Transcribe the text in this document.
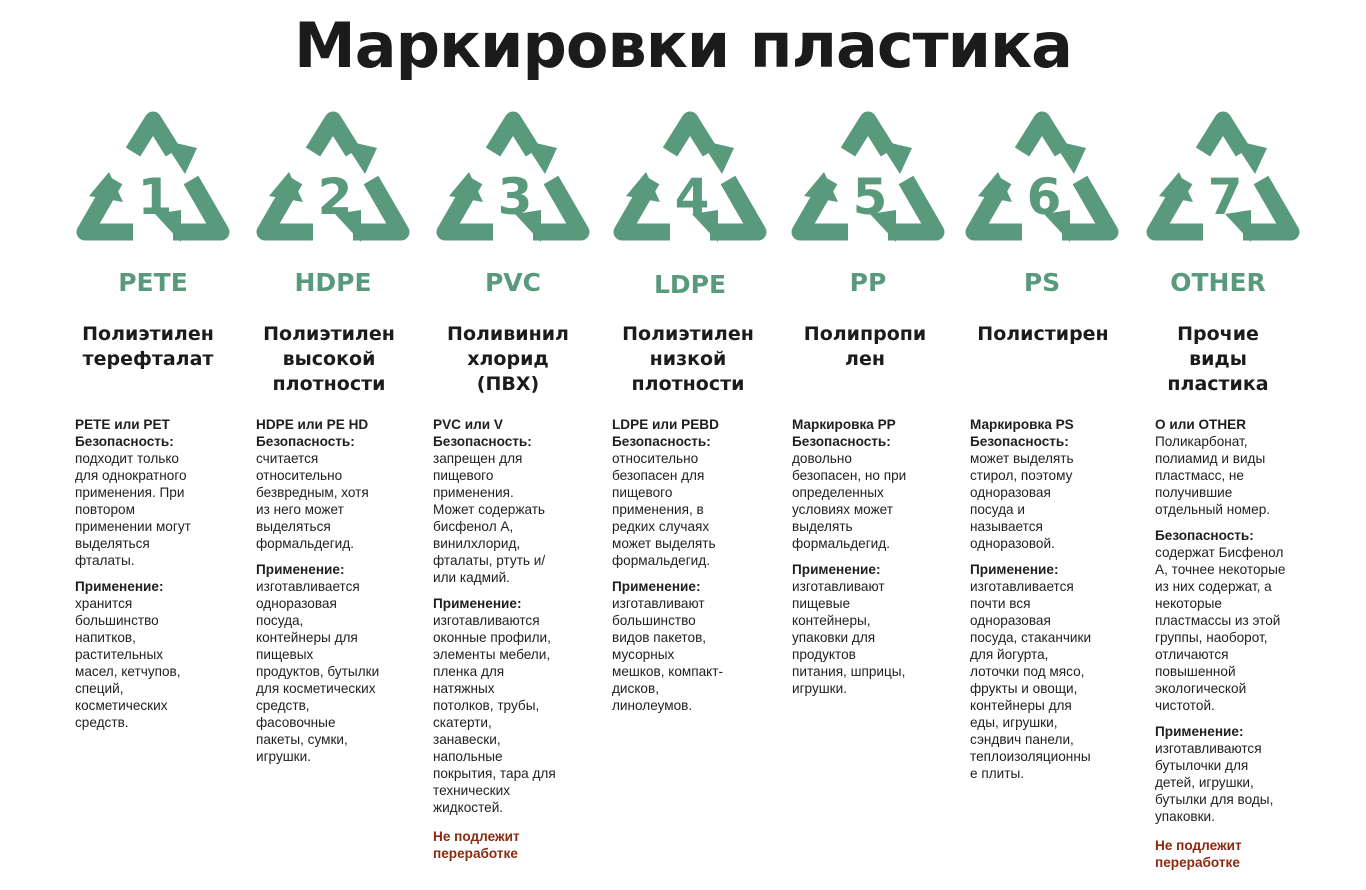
Маркировки пластика
1
PETE
Полиэтилен
терефталат

PETE или PET
Безопасность:
подходит только
для однократного
применения. При
повтором
применении могут
выделяться
фталаты.

Применение:
хранится
большинство
напитков,
растительных
масел, кетчупов,
специй,
косметических
средств.

2
HDPE
Полиэтилен
высокой
плотности

HDPE или PE HD
Безопасность:
считается
относительно
безвредным, хотя
из него может
выделяться
формальдегид.

Применение:
изготавливается
одноразовая
посуда,
контейнеры для
пищевых
продуктов, бутылки
для косметических
средств,
фасовочные
пакеты, сумки,
игрушки.

3
PVC
Поливинил
хлорид
(ПВХ)

PVC или V
Безопасность:
запрещен для
пищевого
применения.
Может содержать
бисфенол А,
винилхлорид,
фталаты, ртуть и/
или кадмий.

Применение:
изготавливаются
оконные профили,
элементы мебели,
пленка для
натяжных
потолков, трубы,
скатерти,
занавески,
напольные
покрытия, тара для
технических
жидкостей.

Не подлежит
переработке
4
LDPE
Полиэтилен
низкой
плотности

LDPE или PEBD
Безопасность:
относительно
безопасен для
пищевого
применения, в
редких случаях
может выделять
формальдегид.

Применение:
изготавливают
большинство
видов пакетов,
мусорных
мешков, компакт-
дисков,
линолеумов.

5
PP
Полипропи
лен

Маркировка PP
Безопасность:
довольно
безопасен, но при
определенных
условиях может
выделять
формальдегид.

Применение:
изготавливают
пищевые
контейнеры,
упаковки для
продуктов
питания, шприцы,
игрушки.

6
PS
Полистирен

Маркировка PS
Безопасность:
может выделять
стирол, поэтому
одноразовая
посуда и
называется
одноразовой.

Применение:
изготавливается
почти вся
одноразовая
посуда, стаканчики
для йогурта,
лоточки под мясо,
фрукты и овощи,
контейнеры для
еды, игрушки,
сэндвич панели,
теплоизоляционны
е плиты.

7
OTHER
Прочие
виды
пластика

O или OTHER
Поликарбонат,
полиамид и виды
пластмасс, не
получившие
отдельный номер.

Безопасность:
содержат Бисфенол
А, точнее некоторые
из них содержат, а
некоторые
пластмассы из этой
группы, наоборот,
отличаются
повышенной
экологической
чистотой.

Применение:
изготавливаются
бутылочки для
детей, игрушки,
бутылки для воды,
упаковки.

Не подлежит
переработке
